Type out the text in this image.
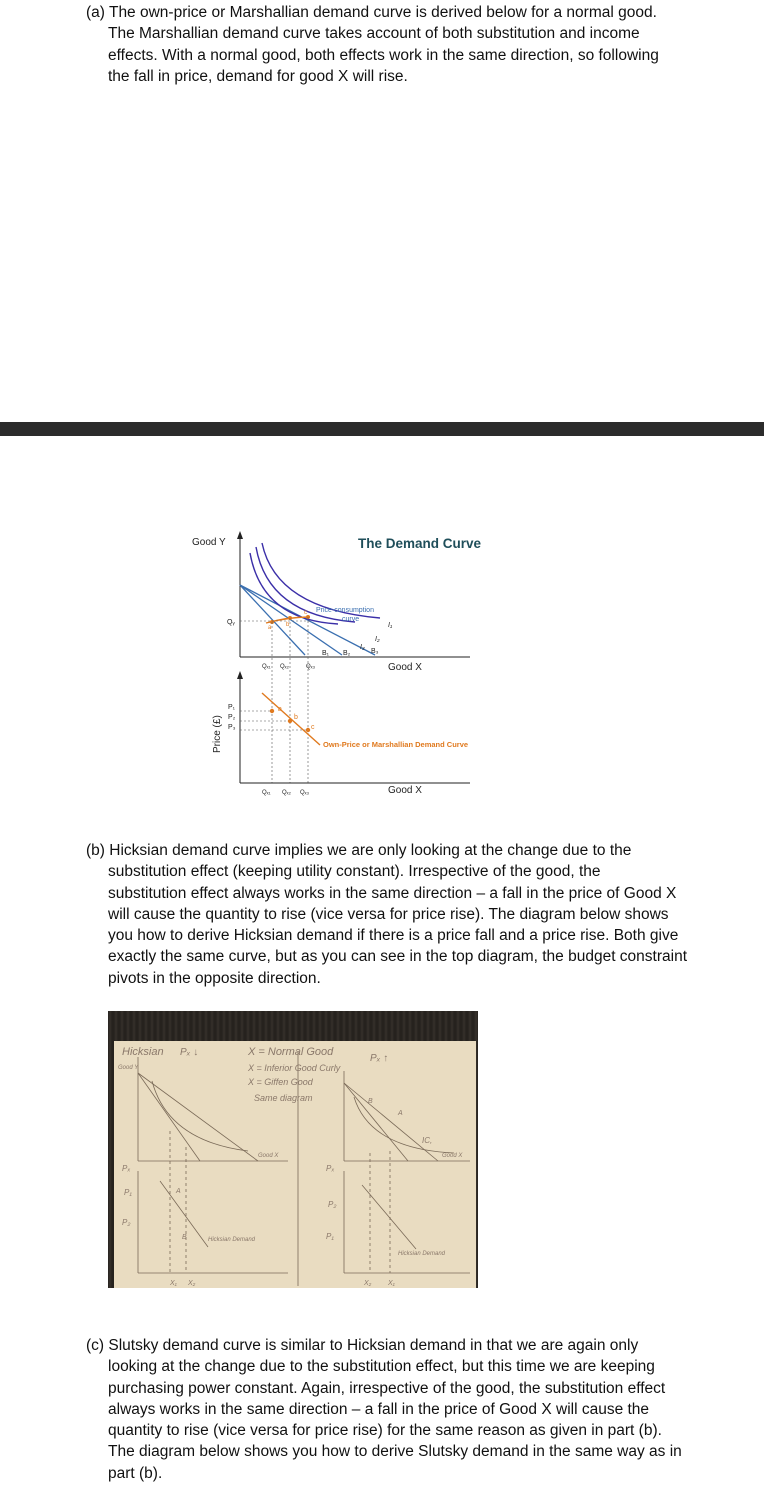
(a) The own-price or Marshallian demand curve is derived below for a normal good.
The Marshallian demand curve takes account of both substitution and income
effects. With a normal good, both effects work in the same direction, so following
the fall in price, demand for good X will rise.
Good Y	The Demand Curve
Good X
a b
c Price-consumption
curve
B₁ B₂	B₃
I₁
I₂
I₃
Qᵧ
Qₓ₁ Qₓ₂	Qₓ₃
Price (£)
Good X
P₁
P₂
P₃
a
b
c
Own-Price or Marshallian Demand Curve
Qₓ₁ Qₓ₂ Qₓ₃
(b) Hicksian demand curve implies we are only looking at the change due to the
substitution effect (keeping utility constant). Irrespective of the good, the
substitution effect always works in the same direction – a fall in the price of Good X
will cause the quantity to rise (vice versa for price rise). The diagram below shows
you how to derive Hicksian demand if there is a price fall and a price rise. Both give
exactly the same curve, but as you can see in the top diagram, the budget constraint
pivots in the opposite direction.
Hicksian Pₓ ↓
Good Y
X = Normal Good
X = Inferior Good Curly
X = Giffen Good
Same diagram
Pₓ ↑
Good X
Hicksian Demand
Hicksian Demand
IC,
Good X
Pₓ
P₁
P₂
Pₓ
P₂
P₁
X₁ X₂	X₂ X₁
A
B
A
B
(c) Slutsky demand curve is similar to Hicksian demand in that we are again only
looking at the change due to the substitution effect, but this time we are keeping
purchasing power constant. Again, irrespective of the good, the substitution effect
always works in the same direction – a fall in the price of Good X will cause the
quantity to rise (vice versa for price rise) for the same reason as given in part (b).
The diagram below shows you how to derive Slutsky demand in the same way as in
part (b).
